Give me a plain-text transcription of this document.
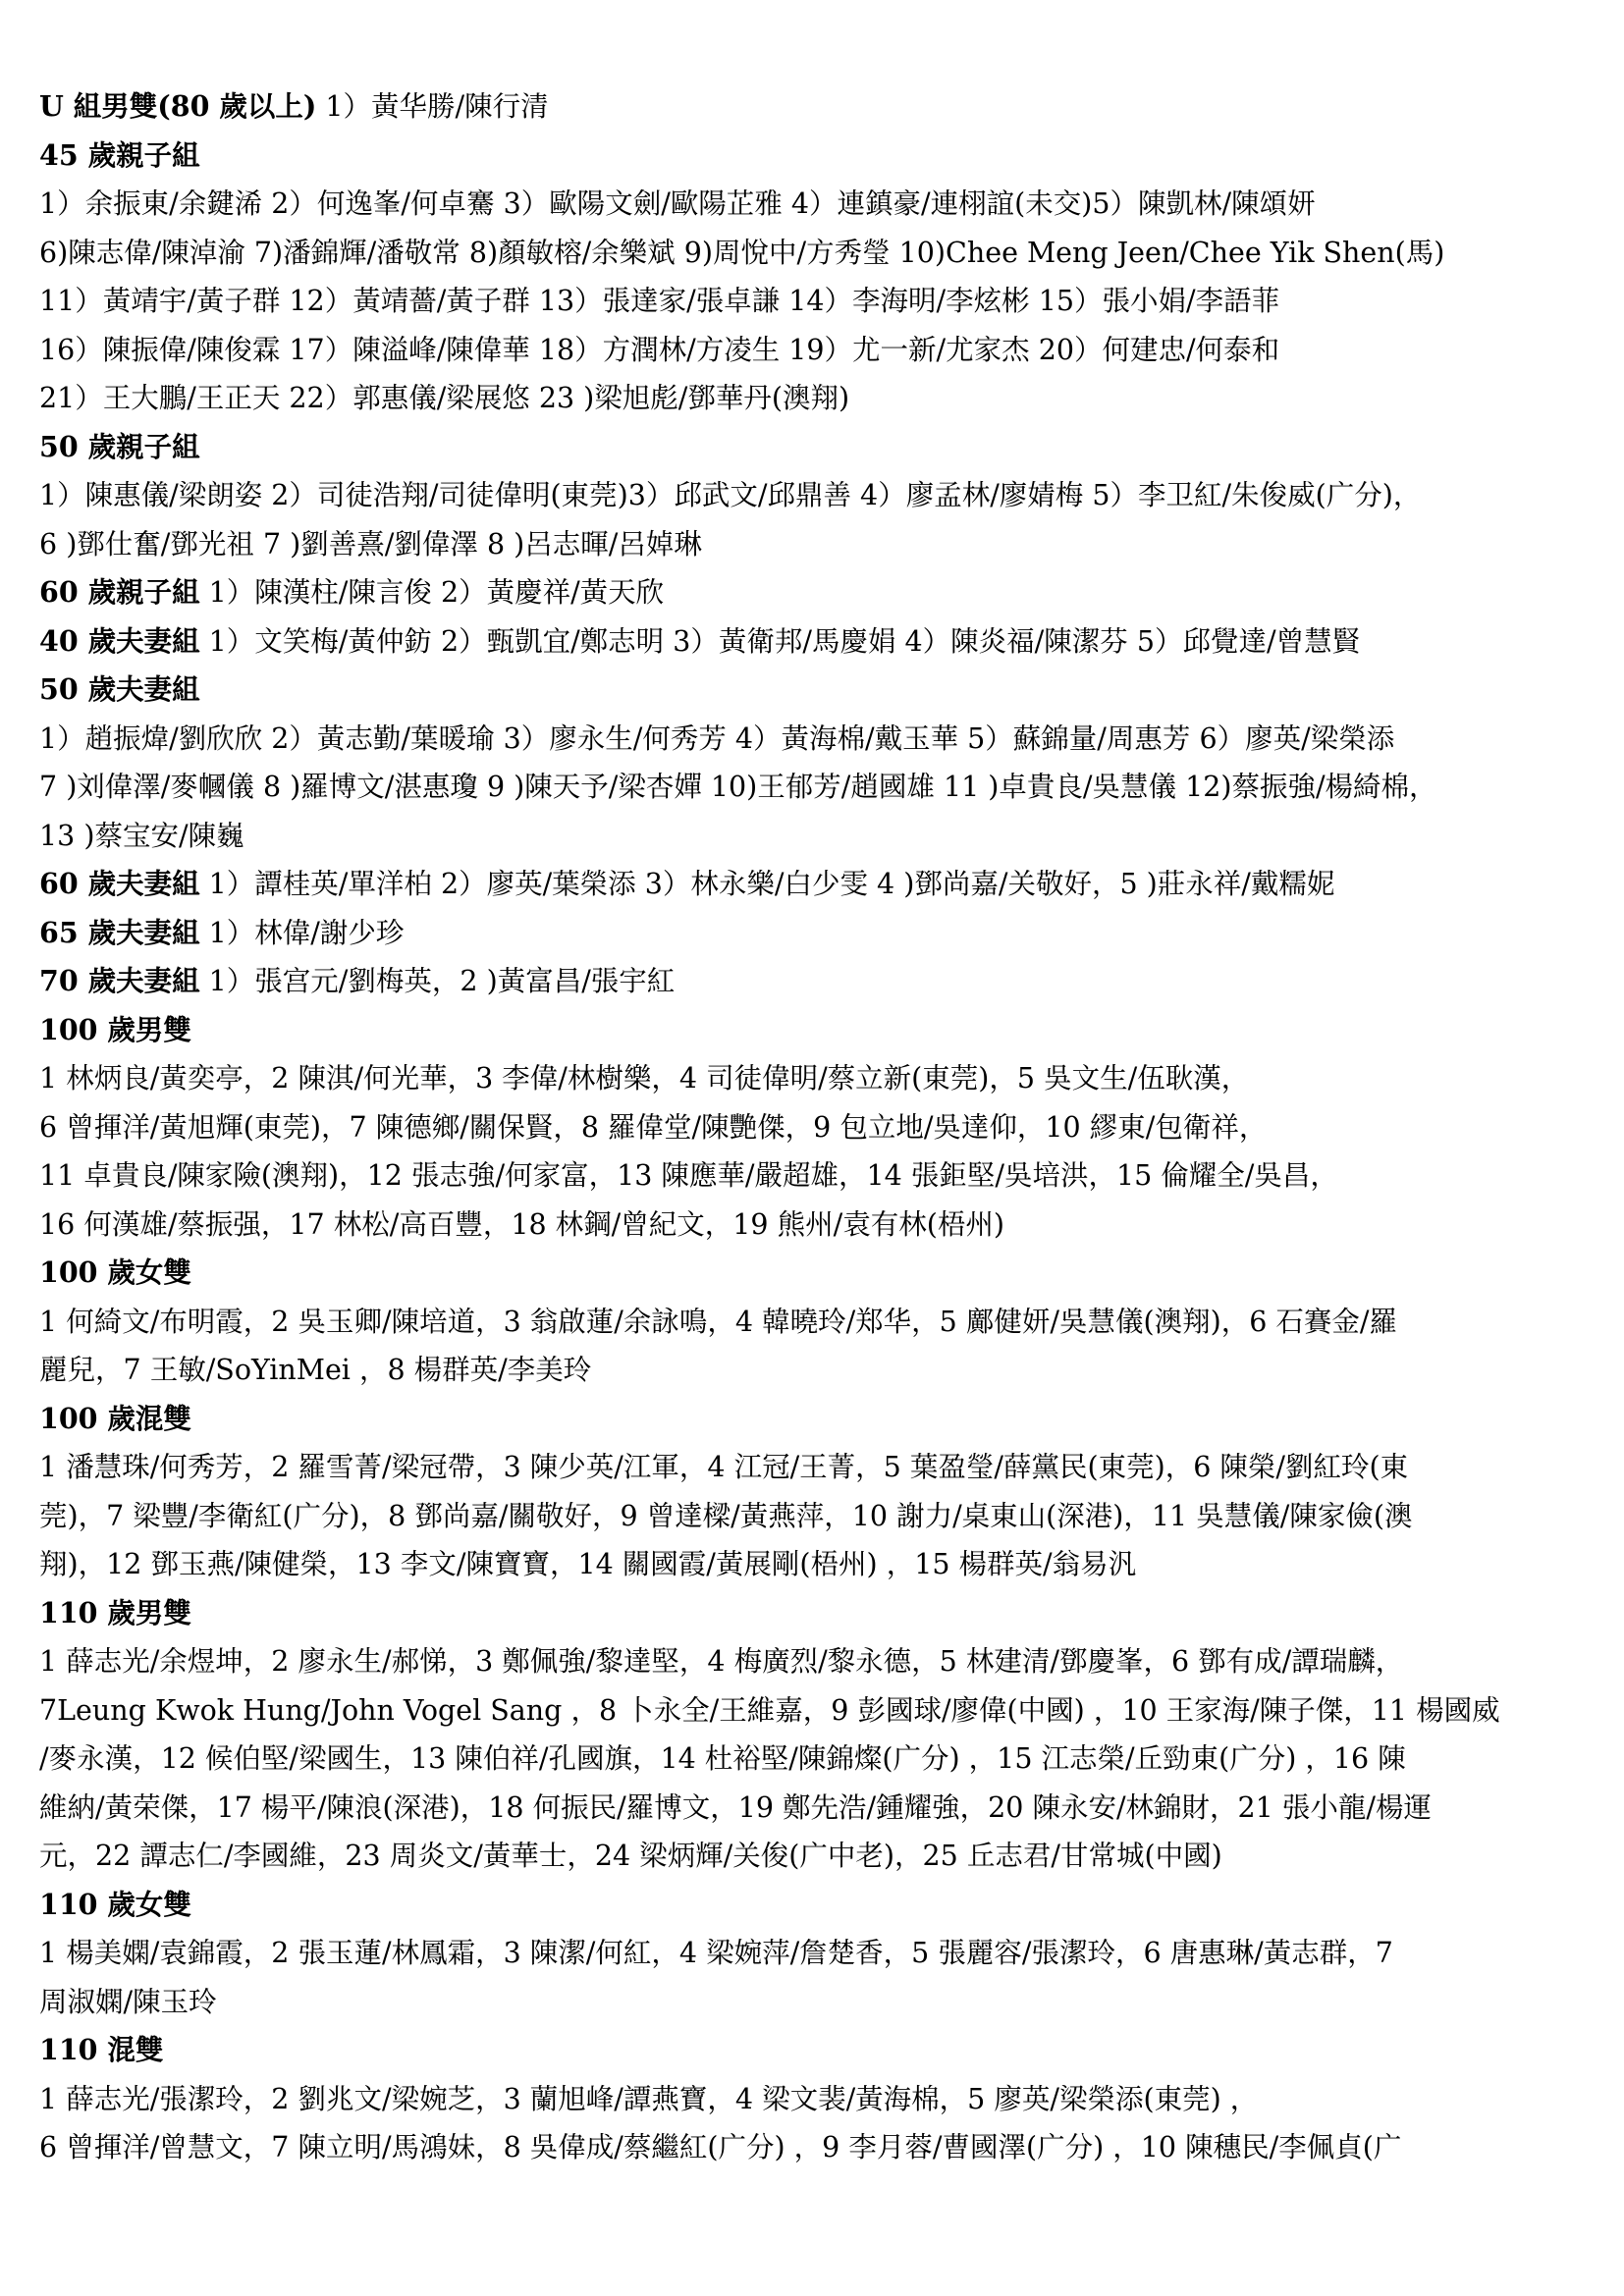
U 組男雙(80 歲以上) 1）黃华勝/陳行清
45 歲親子組
1）余振東/余鍵浠 2）何逸峯/何卓騫 3）歐陽文劍/歐陽芷雅 4）連鎮豪/連栩誼(未交)5）陳凱林/陳頌妍
6)陳志偉/陳淖渝 7)潘錦輝/潘敬常 8)顏敏榕/余樂斌 9)周悅中/方秀瑩 10)Chee Meng Jeen/Chee Yik Shen(馬)
11）黃靖宇/黃子群 12）黃靖薔/黃子群 13）張達家/張卓謙 14）李海明/李炫彬 15）張小娟/李語菲
16）陳振偉/陳俊霖 17）陳溢峰/陳偉華 18）方潤林/方凌生 19）尤一新/尤家杰 20）何建忠/何泰和
21）王大鵬/王正天 22）郭惠儀/梁展悠 23 )梁旭彪/鄧華丹(澳翔)
50 歲親子組
1）陳惠儀/梁朗姿 2）司徒浩翔/司徒偉明(東莞)3）邱武文/邱鼎善 4）廖孟林/廖婧梅 5）李卫紅/朱俊威(广分)，
6 )鄧仕奮/鄧光祖 7 )劉善熹/劉偉澤 8 )呂志暉/呂婥琳
60 歲親子組 1）陳漢柱/陳言俊 2）黃慶祥/黃天欣
40 歲夫妻組 1）文笑梅/黃仲鈁 2）甄凱宜/鄭志明 3）黃衛邦/馬慶娟 4）陳炎福/陳潔芬 5）邱覺達/曾慧賢
50 歲夫妻組
1）趙振煒/劉欣欣 2）黃志勤/葉暖瑜 3）廖永生/何秀芳 4）黃海棉/戴玉華 5）蘇錦量/周惠芳 6）廖英/梁榮添
7 )刘偉澤/麥幗儀 8 )羅博文/湛惠瓊 9 )陳天予/梁杏嬋 10)王郁芳/趙國雄 11 )卓貴良/吳慧儀 12)蔡振強/楊綺棉，
13 )蔡宝安/陳巍
60 歲夫妻組 1）譚桂英/單洋柏 2）廖英/葉榮添 3）林永樂/白少雯 4 )鄧尚嘉/关敬好，5 )莊永祥/戴糯妮
65 歲夫妻組 1）林偉/謝少珍
70 歲夫妻組 1）張宫元/劉梅英，2 )黃富昌/張宇紅
100 歲男雙
1 林炳良/黃奕亭，2 陳淇/何光華，3 李偉/林樹樂，4 司徒偉明/蔡立新(東莞)，5 吳文生/伍耿漢，
6 曾揮洋/黃旭輝(東莞)，7 陳德鄉/關保賢，8 羅偉堂/陳艷傑，9 包立地/吳達仰，10 繆東/包衛祥，
11 卓貴良/陳家險(澳翔)，12 張志強/何家富，13 陳應華/嚴超雄，14 張鉅堅/吳培洪，15 倫耀全/吳昌，
16 何漢雄/蔡振强，17 林松/高百豐，18 林鋼/曾紀文，19 熊州/袁有林(梧州)
100 歲女雙
1 何綺文/布明霞，2 吳玉卿/陳培道，3 翁啟蓮/余詠鳴，4 韓曉玲/郑华，5 鄺健妍/吳慧儀(澳翔)，6 石賽金/羅
麗兒，7 王敏/SoYinMei ，8 楊群英/李美玲
100 歲混雙
1 潘慧珠/何秀芳，2 羅雪菁/梁冠帶，3 陳少英/江軍，4 江冠/王菁，5 葉盈瑩/薛黨民(東莞)，6 陳榮/劉紅玲(東
莞)，7 梁豐/李衛紅(广分)，8 鄧尚嘉/關敬好，9 曾達樑/黃燕萍，10 謝力/桌東山(深港)，11 吳慧儀/陳家儉(澳
翔)，12 鄧玉燕/陳健榮，13 李文/陳寶寶，14 關國霞/黃展剛(梧州) ，15 楊群英/翁易汎
110 歲男雙
1 薛志光/余煜坤，2 廖永生/郝悌，3 鄭佩強/黎達堅，4 梅廣烈/黎永德，5 林建清/鄧慶峯，6 鄧有成/譚瑞麟，
7Leung Kwok Hung/John Vogel Sang ，8 卜永全/王維嘉，9 彭國球/廖偉(中國) ，10 王家海/陳子傑，11 楊國威
/麥永漢，12 候伯堅/梁國生，13 陳伯祥/孔國旗，14 杜裕堅/陳錦燦(广分) ，15 江志榮/丘勁東(广分) ，16 陳
維納/黃荣傑，17 楊平/陳浪(深港)，18 何振民/羅博文，19 鄭先浩/鍾耀強，20 陳永安/林錦財，21 張小龍/楊運
元，22 譚志仁/李國維，23 周炎文/黃華士，24 梁炳輝/关俊(广中老)，25 丘志君/甘常城(中國)
110 歲女雙
1 楊美嫻/袁錦霞，2 張玉蓮/林鳳霜，3 陳潔/何紅，4 梁婉萍/詹楚香，5 張麗容/張潔玲，6 唐惠琳/黃志群，7
周淑嫻/陳玉玲
110 混雙
1 薛志光/張潔玲，2 劉兆文/梁婉芝，3 蘭旭峰/譚燕寶，4 梁文裴/黃海棉，5 廖英/梁榮添(東莞) ，
6 曾揮洋/曾慧文，7 陳立明/馬鴻妹，8 吳偉成/蔡繼紅(广分) ，9 李月蓉/曹國澤(广分) ，10 陳穗民/李佩貞(广
